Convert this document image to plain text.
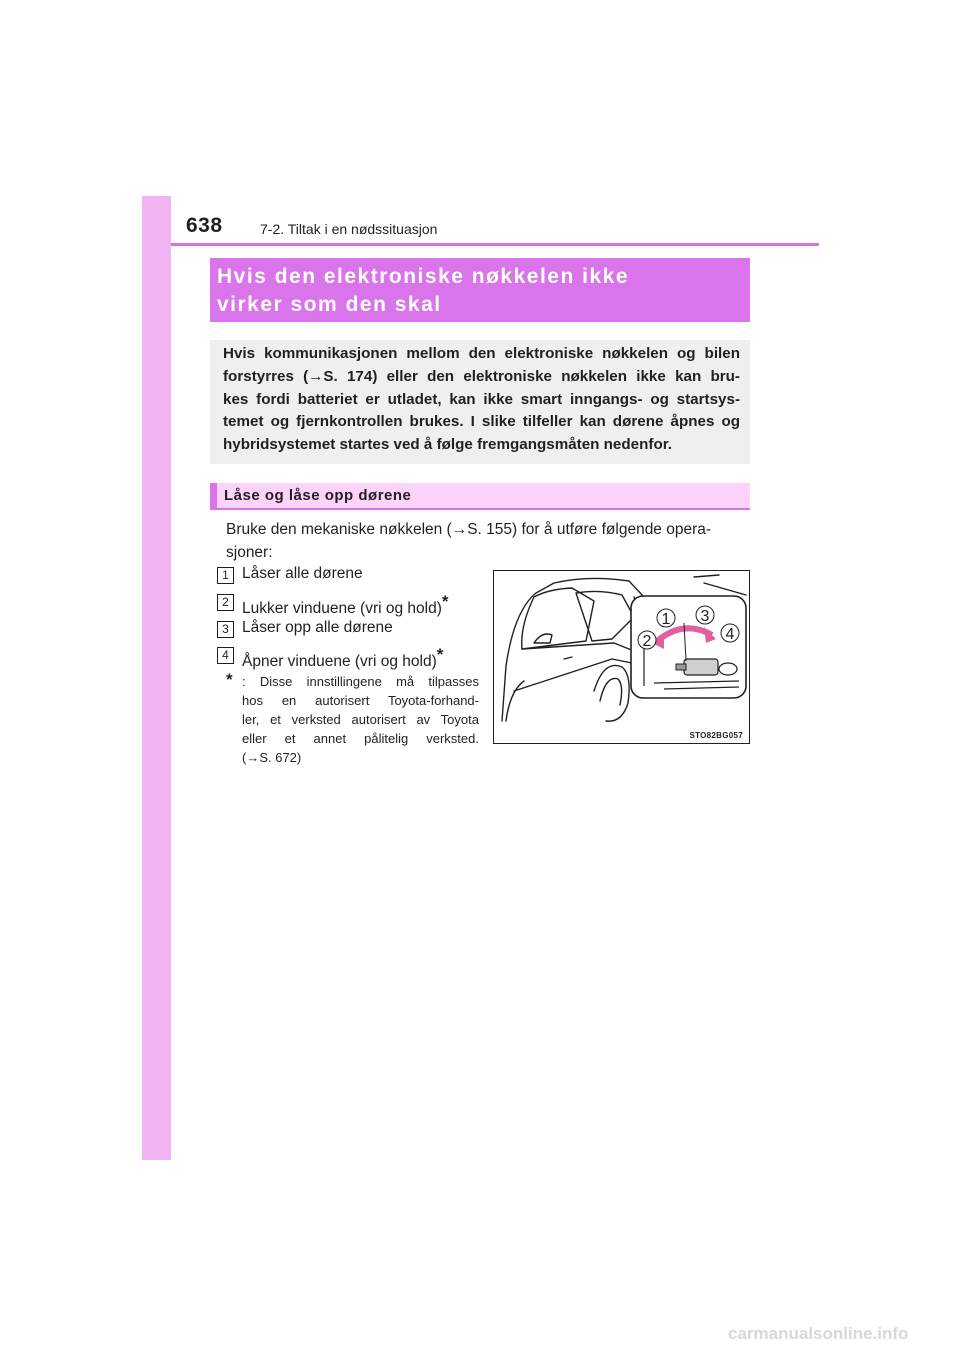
638	7-2. Tiltak i en nødssituasjon
Hvis den elektroniske nøkkelen ikke
virker som den skal
Hvis kommunikasjonen mellom den elektroniske nøkkelen og bilen
forstyrres (→S. 174) eller den elektroniske nøkkelen ikke kan bru-
kes fordi batteriet er utladet, kan ikke smart inngangs- og startsys-
temet og fjernkontrollen brukes. I slike tilfeller kan dørene åpnes og
hybridsystemet startes ved å følge fremgangsmåten nedenfor.
Låse og låse opp dørene
Bruke den mekaniske nøkkelen (→S. 155) for å utføre følgende opera-
sjoner:
1 Låser alle dørene
2 Lukker vinduene (vri og hold)*
3 Låser opp alle dørene
4 Åpner vinduene (vri og hold)*
* : Disse innstillingene må tilpasses
hos en autorisert Toyota-forhand-
ler, et verksted autorisert av Toyota
eller et annet pålitelig verksted.
(→S. 672)
1
2
3
4
STO82BG057
carmanualsonline.info
